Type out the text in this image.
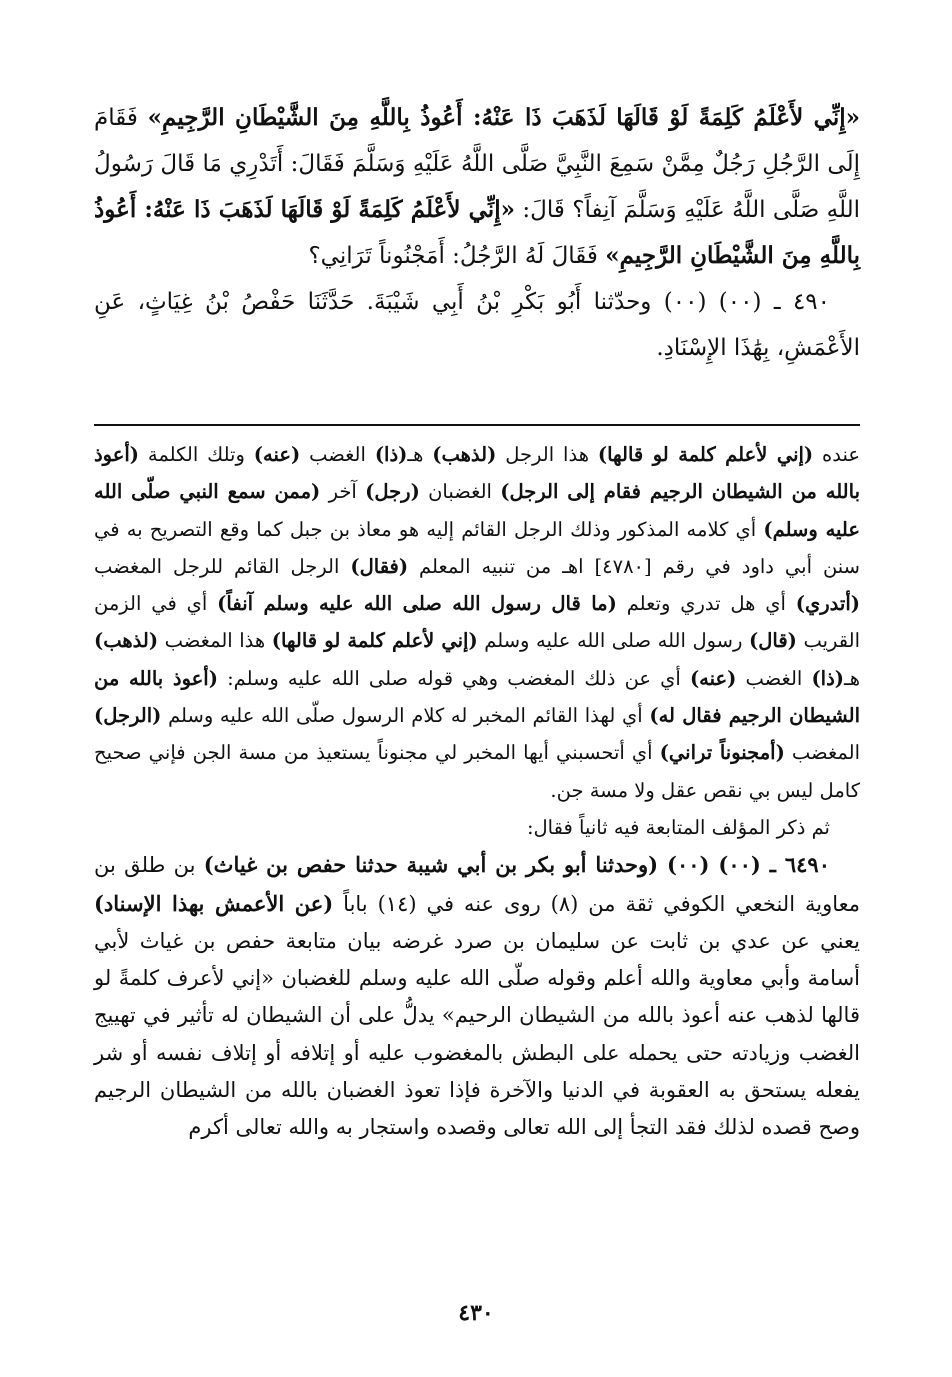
«إِنِّي لأَعْلَمُ كَلِمَةً لَوْ قَالَهَا لَذَهَبَ ذَا عَنْهُ: أَعُوذُ بِاللَّهِ مِنَ الشَّيْطَانِ الرَّجِيمِ» فَقَامَ إِلَى الرَّجُلِ رَجُلٌ مِمَّنْ سَمِعَ النَّبِيَّ صَلَّى اللَّهُ عَلَيْهِ وَسَلَّمَ فَقَالَ: أَتَدْرِي مَا قَالَ رَسُولُ اللَّهِ صَلَّى اللَّهُ عَلَيْهِ وَسَلَّمَ آنِفاً؟ قَالَ: «إِنِّي لأَعْلَمُ كَلِمَةً لَوْ قَالَهَا لَذَهَبَ ذَا عَنْهُ: أَعُوذُ بِاللَّهِ مِنَ الشَّيْطَانِ الرَّجِيمِ» فَقَالَ لَهُ الرَّجُلُ: أَمَجْنُوناً تَرَانِي؟

٤٩٠ ـ (٠٠) (٠٠) وحدّثنا أَبُو بَكْرِ بْنُ أَبِي شَيْبَةَ. حَدَّثَنَا حَفْصُ بْنُ غِيَاثٍ، عَنِ الأَعْمَشِ، بِهَٰذَا الإِسْنَادِ.

عنده (إني لأعلم كلمة لو قالها) هذا الرجل (لذهب) هـ(ذا) الغضب (عنه) وتلك الكلمة (أعوذ بالله من الشيطان الرجيم فقام إلى الرجل) الغضبان (رجل) آخر (ممن سمع النبي صلّى الله عليه وسلم) أي كلامه المذكور وذلك الرجل القائم إليه هو معاذ بن جبل كما وقع التصريح به في سنن أبي داود في رقم [٤٧٨٠] اهـ من تنبيه المعلم (فقال) الرجل القائم للرجل المغضب (أتدري) أي هل تدري وتعلم (ما قال رسول الله صلى الله عليه وسلم آنفاً) أي في الزمن القريب (قال) رسول الله صلى الله عليه وسلم (إني لأعلم كلمة لو قالها) هذا المغضب (لذهب) هـ(ذا) الغضب (عنه) أي عن ذلك المغضب وهي قوله صلى الله عليه وسلم: (أعوذ بالله من الشيطان الرجيم فقال له) أي لهذا القائم المخبر له كلام الرسول صلّى الله عليه وسلم (الرجل) المغضب (أمجنوناً تراني) أي أتحسبني أيها المخبر لي مجنوناً يستعيذ من مسة الجن فإني صحيح كامل ليس بي نقص عقل ولا مسة جن.

ثم ذكر المؤلف المتابعة فيه ثانياً فقال:

٦٤٩٠ ـ (٠٠) (٠٠) (وحدثنا أبو بكر بن أبي شيبة حدثنا حفص بن غياث) بن طلق بن معاوية النخعي الكوفي ثقة من (٨) روى عنه في (١٤) باباً (عن الأعمش بهذا الإسناد) يعني عن عدي بن ثابت عن سليمان بن صرد غرضه بيان متابعة حفص بن غياث لأبي أسامة وأبي معاوية والله أعلم وقوله صلّى الله عليه وسلم للغضبان «إني لأعرف كلمةً لو قالها لذهب عنه أعوذ بالله من الشيطان الرحيم» يدلُّ على أن الشيطان له تأثير في تهييج الغضب وزيادته حتى يحمله على البطش بالمغضوب عليه أو إتلافه أو إتلاف نفسه أو شر يفعله يستحق به العقوبة في الدنيا والآخرة فإذا تعوذ الغضبان بالله من الشيطان الرجيم وصح قصده لذلك فقد التجأ إلى الله تعالى وقصده واستجار به والله تعالى أكرم

٤٣٠
